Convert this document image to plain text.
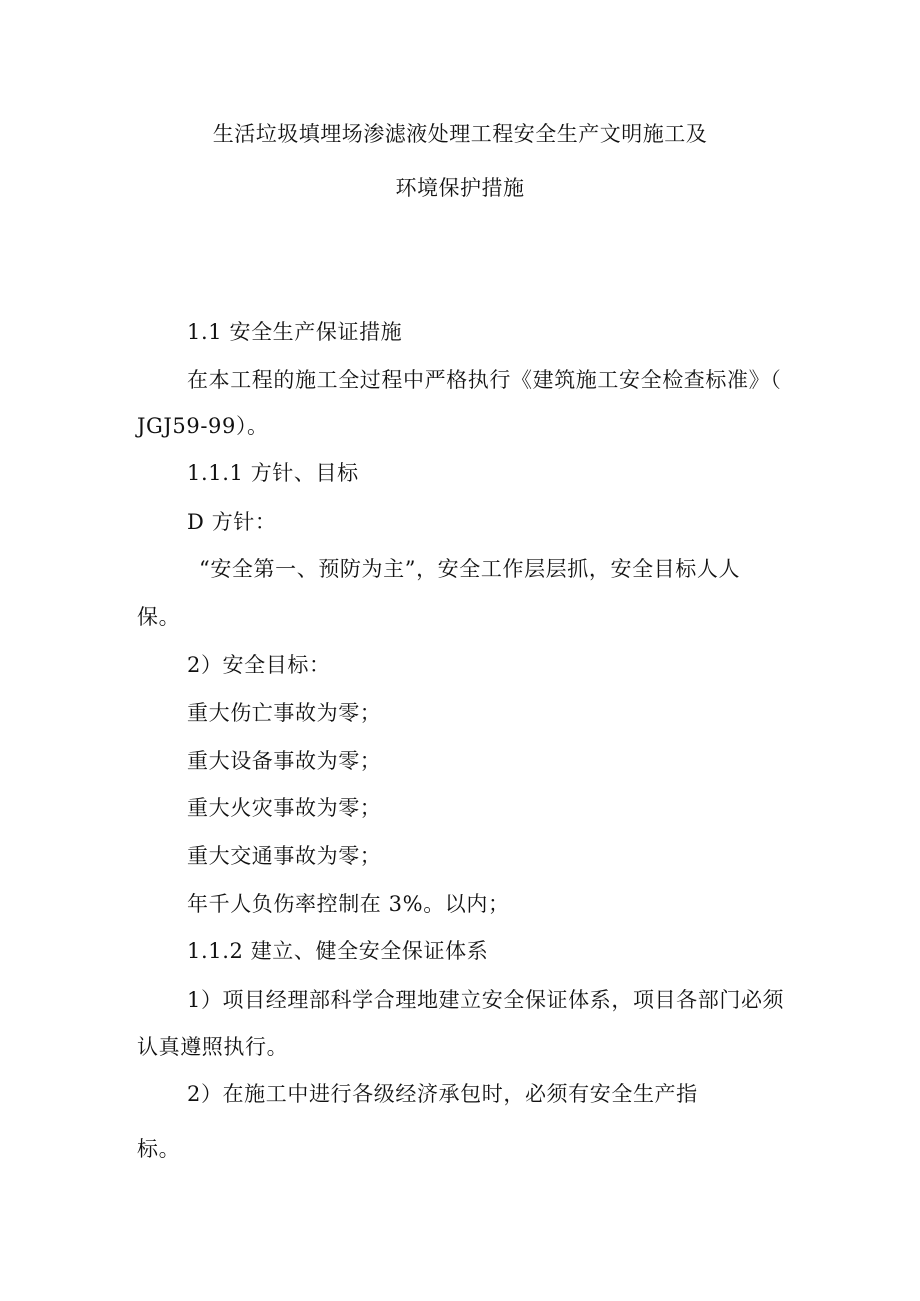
生活垃圾填埋场渗滤液处理工程安全生产文明施工及
环境保护措施
1.1 安全生产保证措施
在本工程的施工全过程中严格执行《建筑施工安全检查标准》（
JGJ59-99）。
1.1.1 方针、目标
D 方针：
“安全第一、预防为主”，安全工作层层抓，安全目标人人
保。
2）安全目标：
重大伤亡事故为零；
重大设备事故为零；
重大火灾事故为零；
重大交通事故为零；
年千人负伤率控制在 3%。以内；
1.1.2 建立、健全安全保证体系
1）项目经理部科学合理地建立安全保证体系，项目各部门必须
认真遵照执行。
2）在施工中进行各级经济承包时，必须有安全生产指
标。
